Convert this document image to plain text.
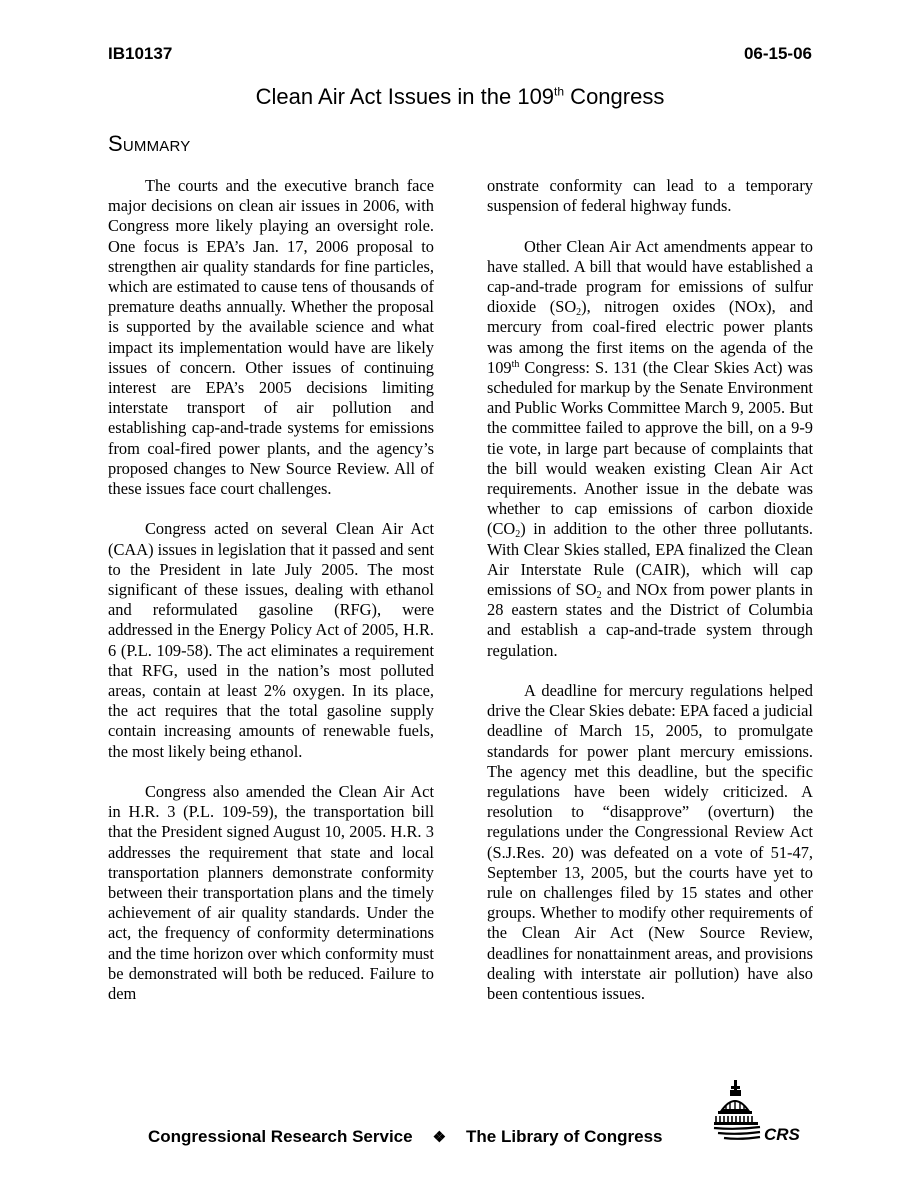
IB10137	06-15-06
Clean Air Act Issues in the 109th Congress
Summary

The courts and the executive branch face major decisions on clean air issues in 2006, with Congress more likely playing an oversight role. One focus is EPA’s Jan. 17, 2006 proposal to strengthen air quality standards for fine particles, which are estimated to cause tens of thousands of premature deaths annually. Whether the proposal is supported by the available science and what impact its implementation would have are likely issues of concern. Other issues of continuing interest are EPA’s 2005 decisions limiting interstate transport of air pollution and establishing cap-and-trade systems for emissions from coal-fired power plants, and the agency’s proposed changes to New Source Review. All of these issues face court challenges.

Congress acted on several Clean Air Act (CAA) issues in legislation that it passed and sent to the President in late July 2005. The most significant of these issues, dealing with ethanol and reformulated gasoline (RFG), were addressed in the Energy Policy Act of 2005, H.R. 6 (P.L. 109-58). The act eliminates a requirement that RFG, used in the nation’s most polluted areas, contain at least 2% oxygen. In its place, the act requires that the total gasoline supply contain increasing amounts of renewable fuels, the most likely being ethanol.

Congress also amended the Clean Air Act in H.R. 3 (P.L. 109-59), the transportation bill that the President signed August 10, 2005. H.R. 3 addresses the requirement that state and local transportation planners demonstrate conformity between their transportation plans and the timely achievement of air quality standards. Under the act, the frequency of conformity determinations and the time horizon over which conformity must be demonstrated will both be reduced. Failure to dem

onstrate conformity can lead to a temporary suspension of federal highway funds.

Other Clean Air Act amendments appear to have stalled. A bill that would have established a cap-and-trade program for emissions of sulfur dioxide $(SO_2)$, nitrogen oxides (NOx), and mercury from coal-fired electric power plants was among the first items on the agenda of the 109th Congress: S. 131 (the Clear Skies Act) was scheduled for markup by the Senate Environment and Public Works Committee March 9, 2005. But the committee failed to approve the bill, on a 9-9 tie vote, in large part because of complaints that the bill would weaken existing Clean Air Act requirements. Another issue in the debate was whether to cap emissions of carbon dioxide $(CO_2)$ in addition to the other three pollutants. With Clear Skies stalled, EPA finalized the Clean Air Interstate Rule (CAIR), which will cap emissions of $SO_2$ and NOx from power plants in 28 eastern states and the District of Columbia and establish a cap-and-trade system through regulation.

A deadline for mercury regulations helped drive the Clear Skies debate: EPA faced a judicial deadline of March 15, 2005, to promulgate standards for power plant mercury emissions. The agency met this deadline, but the specific regulations have been widely criticized. A resolution to “disapprove” (overturn) the regulations under the Congressional Review Act (S.J.Res. 20) was defeated on a vote of 51-47, September 13, 2005, but the courts have yet to rule on challenges filed by 15 states and other groups. Whether to modify other requirements of the Clean Air Act (New Source Review, deadlines for nonattainment areas, and provisions dealing with interstate air pollution) have also been contentious issues.

Congressional Research Service ❖ The Library of Congress	CRS
